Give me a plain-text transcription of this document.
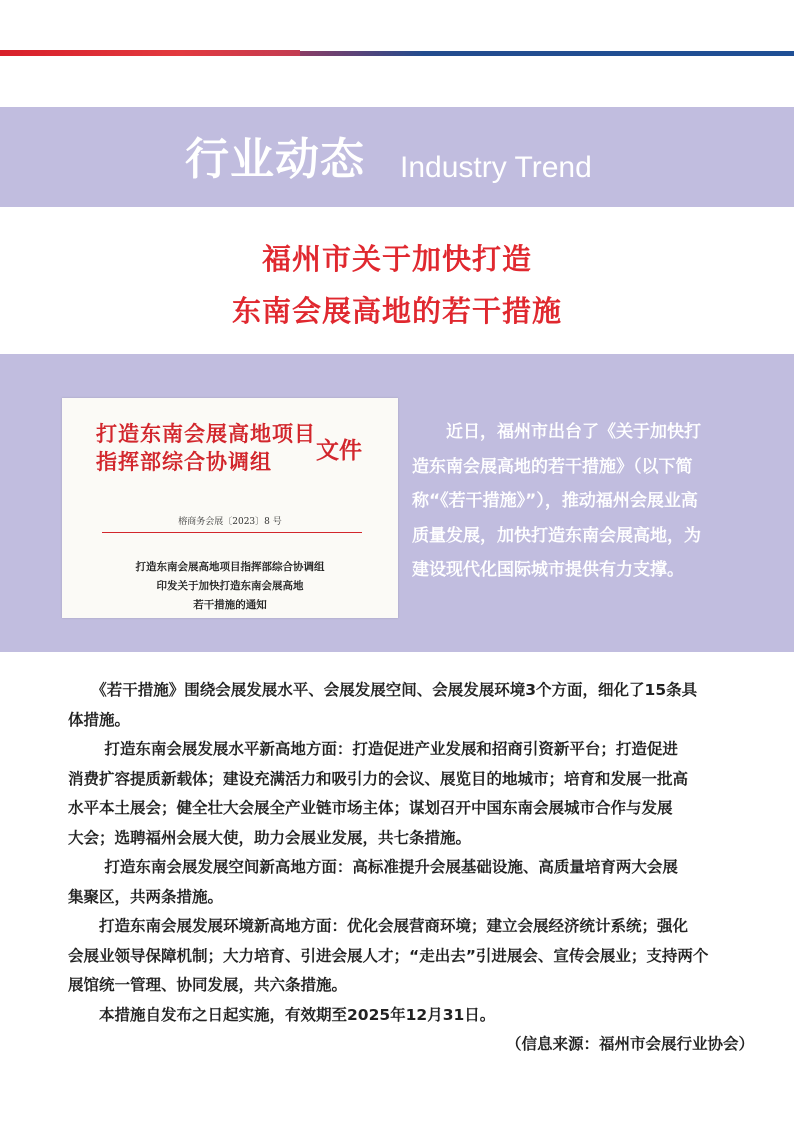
行业动态 Industry Trend
福州市关于加快打造
东南会展高地的若干措施
打造东南会展高地项目
指挥部综合协调组	文件
榕商务会展〔2023〕8 号
打造东南会展高地项目指挥部综合协调组
印发关于加快打造东南会展高地
若干措施的通知
　　近日，福州市出台了《关于加快打
造东南会展高地的若干措施》（以下简
称“《若干措施》”），推动福州会展业高
质量发展，加快打造东南会展高地，为
建设现代化国际城市提供有力支撑。
　　《若干措施》围绕会展发展水平、会展发展空间、会展发展环境3个方面，细化了15条具
体措施。
　　 打造东南会展发展水平新高地方面：打造促进产业发展和招商引资新平台；打造促进
消费扩容提质新载体；建设充满活力和吸引力的会议、展览目的地城市；培育和发展一批高
水平本土展会；健全壮大会展全产业链市场主体；谋划召开中国东南会展城市合作与发展
大会；选聘福州会展大使，助力会展业发展，共七条措施。
　　 打造东南会展发展空间新高地方面：高标准提升会展基础设施、高质量培育两大会展
集聚区，共两条措施。
　　打造东南会展发展环境新高地方面：优化会展营商环境；建立会展经济统计系统；强化
会展业领导保障机制；大力培育、引进会展人才；“走出去”引进展会、宣传会展业；支持两个
展馆统一管理、协同发展，共六条措施。
　　本措施自发布之日起实施，有效期至2025年12月31日。
（信息来源：福州市会展行业协会）
